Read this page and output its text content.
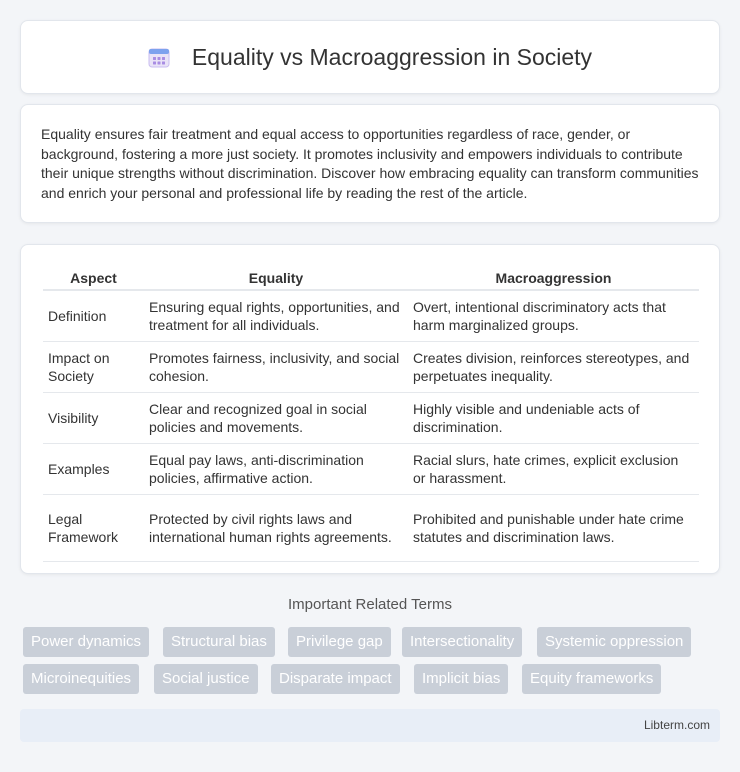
Equality vs Macroaggression in Society

Equality ensures fair treatment and equal access to opportunities regardless of race, gender, or background, fostering a more just society. It promotes inclusivity and empowers individuals to contribute their unique strengths without discrimination. Discover how embracing equality can transform communities and enrich your personal and professional life by reading the rest of the article.

Aspect	Equality	Macroaggression
Definition	Ensuring equal rights, opportunities, and treatment for all individuals.	Overt, intentional discriminatory acts that harm marginalized groups.
Impact on Society	Promotes fairness, inclusivity, and social cohesion.	Creates division, reinforces stereotypes, and perpetuates inequality.
Visibility	Clear and recognized goal in social policies and movements.	Highly visible and undeniable acts of discrimination.
Examples	Equal pay laws, anti-discrimination policies, affirmative action.	Racial slurs, hate crimes, explicit exclusion or harassment.
Legal Framework	Protected by civil rights laws and international human rights agreements.	Prohibited and punishable under hate crime statutes and discrimination laws.
Important Related Terms
Power dynamics	Structural bias	Privilege gap	Intersectionality	Systemic oppression
Microinequities	Social justice	Disparate impact	Implicit bias	Equity frameworks
Libterm.com
